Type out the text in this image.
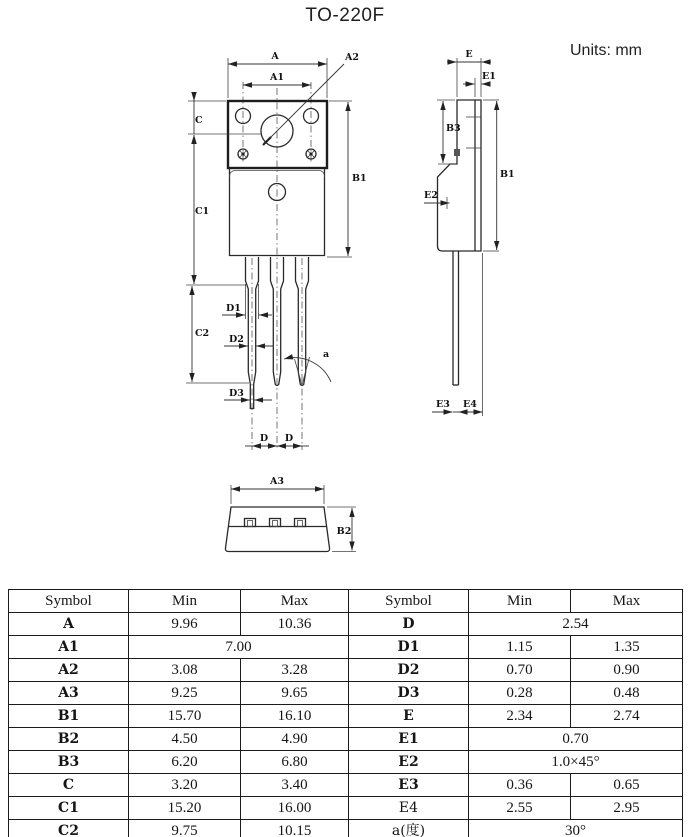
TO-220F
Units: mm
A
A1
A2
C
C1
C2
B1
D1
D2
D3
D D
a
E
E1
B3
E2
B1
E3 E4
A3
B2
Symbol	Min	Max	Symbol	Min	Max
A	9.96	10.36	D	2.54	
A1	7.00		D1	1.15	1.35
A2	3.08	3.28	D2	0.70	0.90
A3	9.25	9.65	D3	0.28	0.48
B1	15.70	16.10	E	2.34	2.74
B2	4.50	4.90	E1	0.70	
B3	6.20	6.80	E2	1.0×45°	
C	3.20	3.40	E3	0.36	0.65
C1	15.20	16.00	E4	2.55	2.95
C2	9.75	10.15	a(度)	30°	
